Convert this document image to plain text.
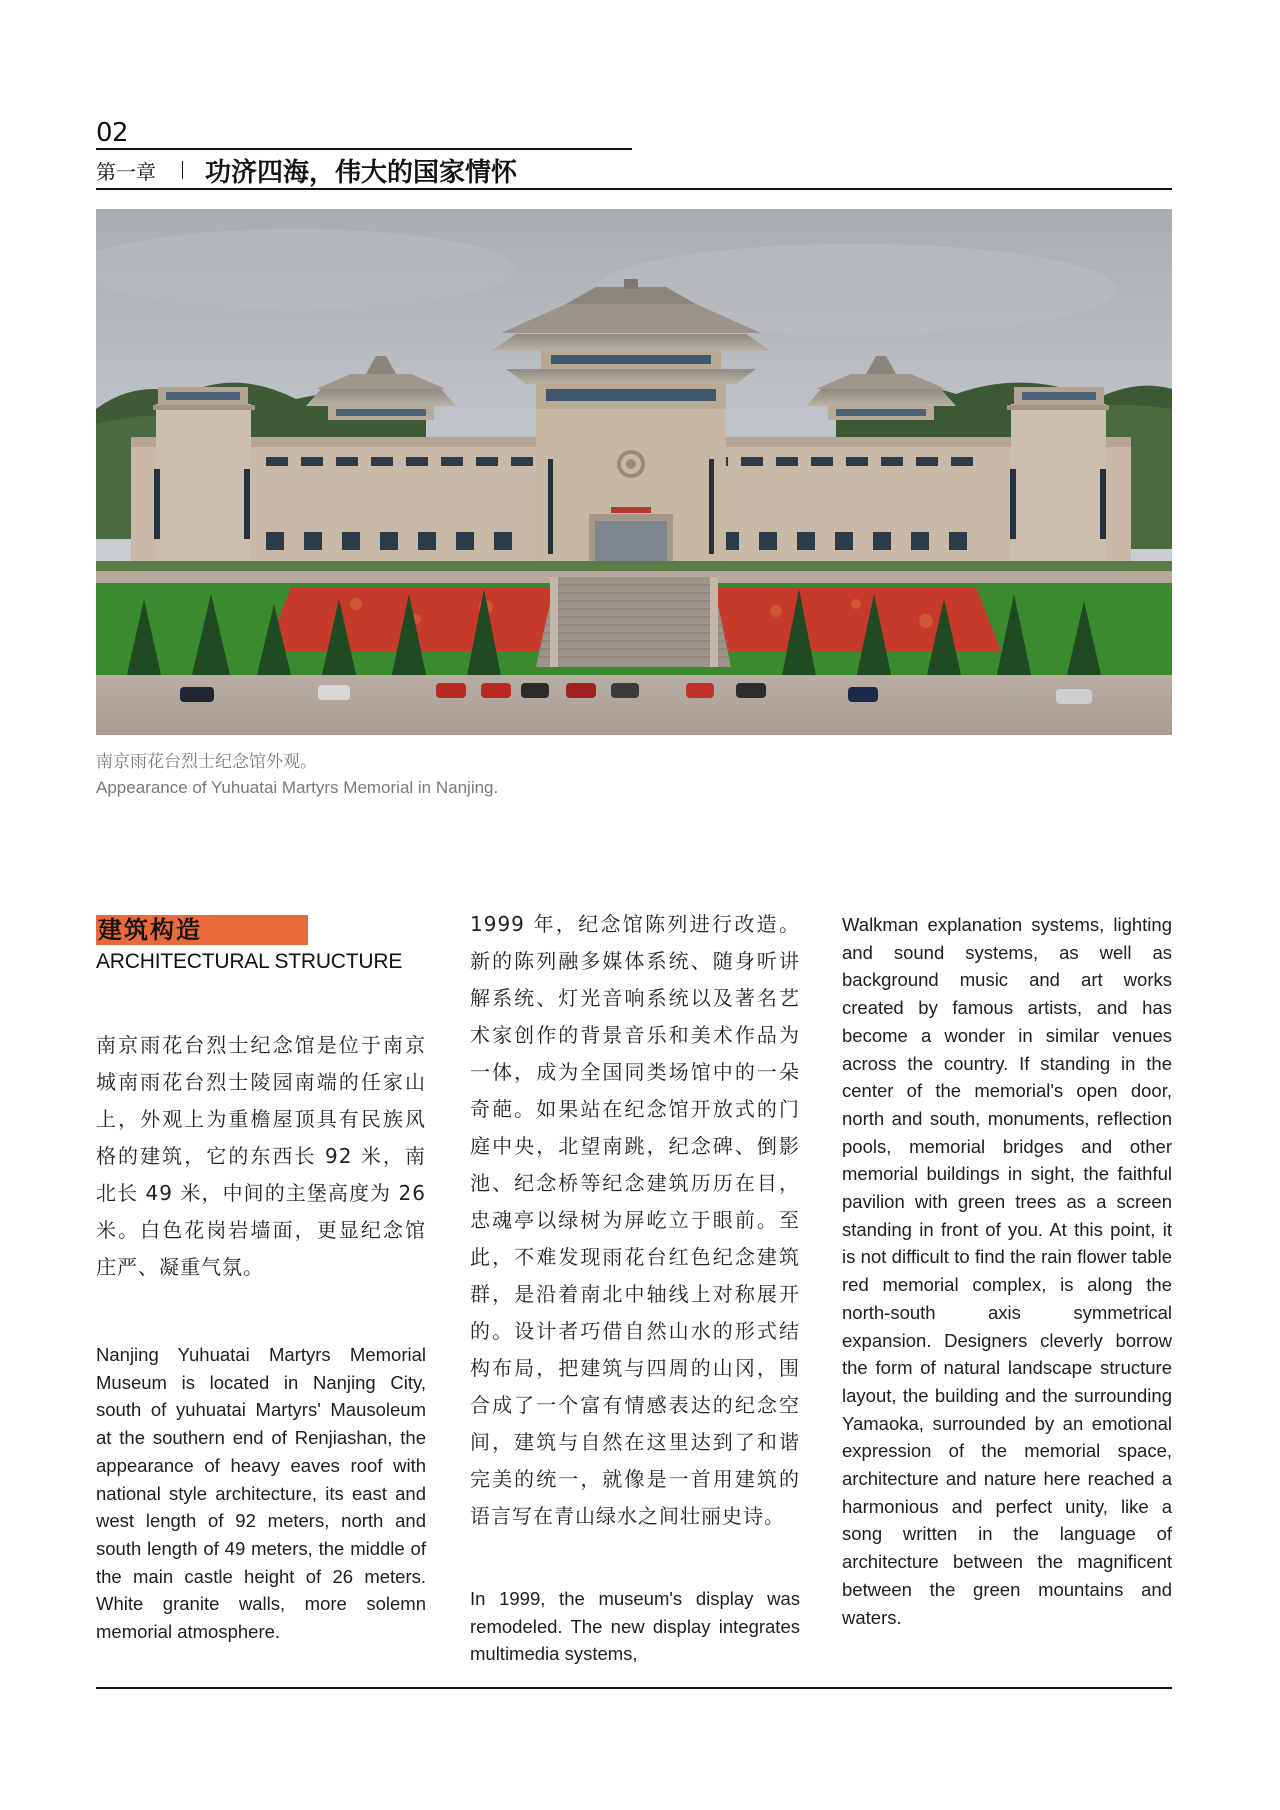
02
第一章 功济四海，伟大的国家情怀
南京雨花台烈士纪念馆外观。
Appearance of Yuhuatai Martyrs Memorial in Nanjing.
建筑构造
ARCHITECTURAL STRUCTURE

南京雨花台烈士纪念馆是位于南京城南雨花台烈士陵园南端的任家山上，外观上为重檐屋顶具有民族风格的建筑，它的东西长 92 米，南北长 49 米，中间的主堡高度为 26 米。白色花岗岩墙面，更显纪念馆庄严、凝重气氛。

Nanjing Yuhuatai Martyrs Memorial Museum is located in Nanjing City, south of yuhuatai Martyrs' Mausoleum at the southern end of Renjiashan, the appearance of heavy eaves roof with national style architecture, its east and west length of 92 meters, north and south length of 49 meters, the middle of the main castle height of 26 meters. White granite walls, more solemn memorial atmosphere.

1999 年，纪念馆陈列进行改造。新的陈列融多媒体系统、随身听讲解系统、灯光音响系统以及著名艺术家创作的背景音乐和美术作品为一体，成为全国同类场馆中的一朵奇葩。如果站在纪念馆开放式的门庭中央，北望南跳，纪念碑、倒影池、纪念桥等纪念建筑历历在目，忠魂亭以绿树为屏屹立于眼前。至此，不难发现雨花台红色纪念建筑群，是沿着南北中轴线上对称展开的。设计者巧借自然山水的形式结构布局，把建筑与四周的山冈，围合成了一个富有情感表达的纪念空间，建筑与自然在这里达到了和谐完美的统一，就像是一首用建筑的语言写在青山绿水之间壮丽史诗。

In 1999, the museum's display was remodeled. The new display integrates multimedia systems,

Walkman explanation systems, lighting and sound systems, as well as background music and art works created by famous artists, and has become a wonder in similar venues across the country. If standing in the center of the memorial's open door, north and south, monuments, reflection pools, memorial bridges and other memorial buildings in sight, the faithful pavilion with green trees as a screen standing in front of you. At this point, it is not difficult to find the rain flower table red memorial complex, is along the north-south axis symmetrical expansion. Designers cleverly borrow the form of natural landscape structure layout, the building and the surrounding Yamaoka, surrounded by an emotional expression of the memorial space, architecture and nature here reached a harmonious and perfect unity, like a song written in the language of architecture between the magnificent between the green mountains and waters.
